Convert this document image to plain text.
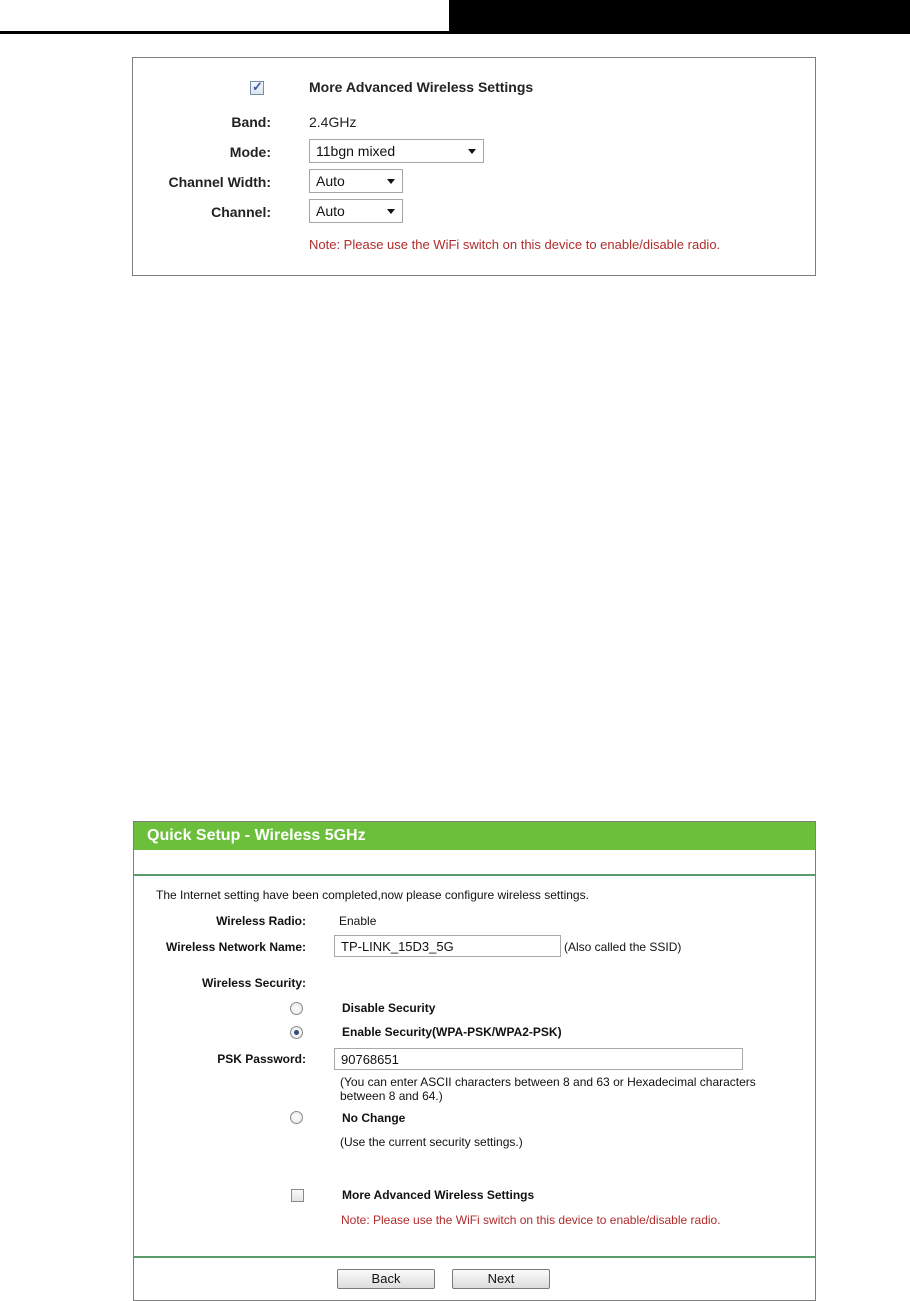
✓	More Advanced Wireless Settings
Band:	2.4GHz
Mode:	11bgn mixed
Channel Width:	Auto
Channel:	Auto
Note: Please use the WiFi switch on this device to enable/disable radio.
Quick Setup - Wireless 5GHz
The Internet setting have been completed,now please configure wireless settings.
Wireless Radio:	Enable
Wireless Network Name:
TP-LINK_15D3_5G	(Also called the SSID)
Wireless Security:
Disable Security
Enable Security(WPA-PSK/WPA2-PSK)
PSK Password:
90768651
(You can enter ASCII characters between 8 and 63 or Hexadecimal characters
between 8 and 64.)
No Change
(Use the current security settings.)
More Advanced Wireless Settings
Note: Please use the WiFi switch on this device to enable/disable radio.
Back	Next
